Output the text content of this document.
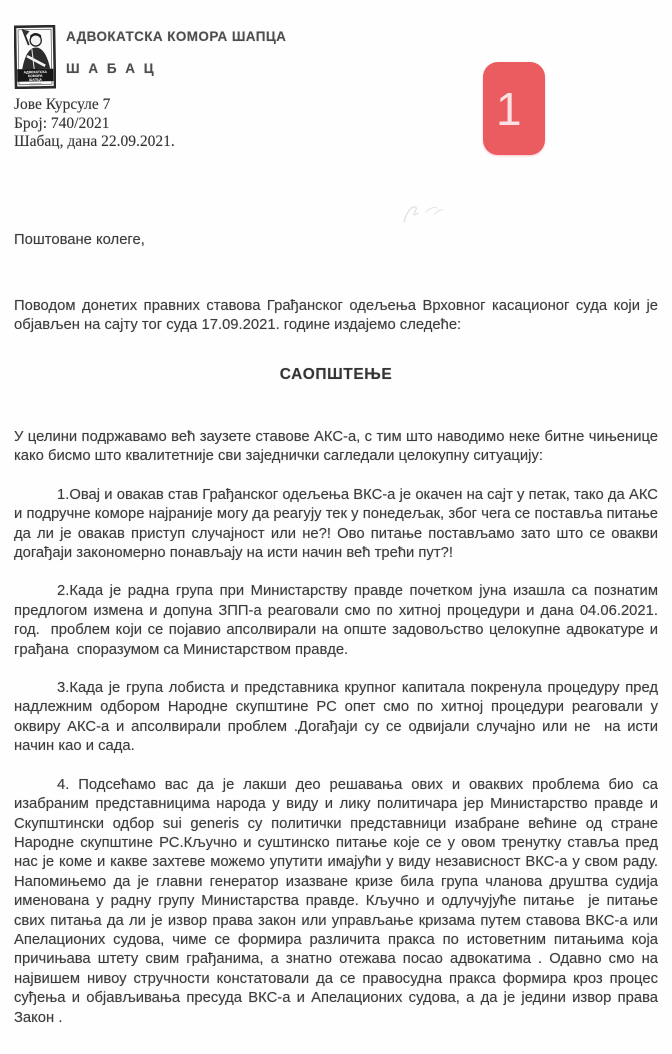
АДВОКАТСКА
КОМОРА
ШАПЦА
АДВОКАТСКА КОМОРА ШАПЦА
Ш А Б А Ц
Јове Курсуле 7
Број: 740/2021
Шабац, дана 22.09.2021.
1
Поштоване колеге,
Поводом донетих правних ставова Грађанског одељења Врховног касационог суда који је објављен на сајту тог суда 17.09.2021. године издајемо следеће:
САОПШТЕЊЕ

У целини подржавамо већ заузете ставове АКС-а, с тим што наводимо неке битне чињенице како бисмо што квалитетније сви заједнички сагледали целокупну ситуацију:

1.Овај и овакав став Грађанског одељења ВКС-а је окачен на сајт у петак, тако да АКС и подручне коморе најраније могу да реагују тек у понедељак, због чега се поставља питање да ли је овакав приступ случајност или не?! Ово питање постављамо зато што се овакви догађаји закономерно понављају на исти начин већ трећи пут?!

2.Када је радна група при Министарству правде почетком јуна изашла са познатим предлогом измена и допуна ЗПП-а реаговали смо по хитној процедури и дана 04.06.2021. год.  проблем који се појавио апсолвирали на опште задовољство целокупне адвокатуре и грађана  споразумом са Министарством правде.

3.Када је група лобиста и представника крупног капитала покренула процедуру пред надлежним одбором Народне скупштине РС опет смо по хитној процедури реаговали у оквиру АКС-а и апсолвирали проблем .Догађаји су се одвијали случајно или не  на исти начин као и сада.

4. Подсећамо вас да је лакши део решавања ових и оваквих проблема био са изабраним представницима народа у виду и лику политичара јер Министарство правде и Скупштински одбор sui generis су политички представници изабране већине од стране Народне скупштине РС.Кључно и суштинско питање које се у овом тренутку ставља пред нас је коме и какве захтеве можемо упутити имајући у виду независност ВКС-а у свом раду. Напомињемо да је главни генератор изазване кризе била група чланова друштва судија именована у радну групу Министарства правде. Кључно и одлучујуће питање  је питање свих питања да ли је извор права закон или управљање кризама путем ставова ВКС-а или Апелационих судова, чиме се формира различита пракса по истоветним питањима која причињава штету свим грађанима, а знатно отежава посао адвокатима . Одавно смо на највишем нивоу стручности констатовали да се правосудна пракса формира кроз процес суђења и објављивања пресуда ВКС-а и Апелационих судова, а да је једини извор права Закон .
